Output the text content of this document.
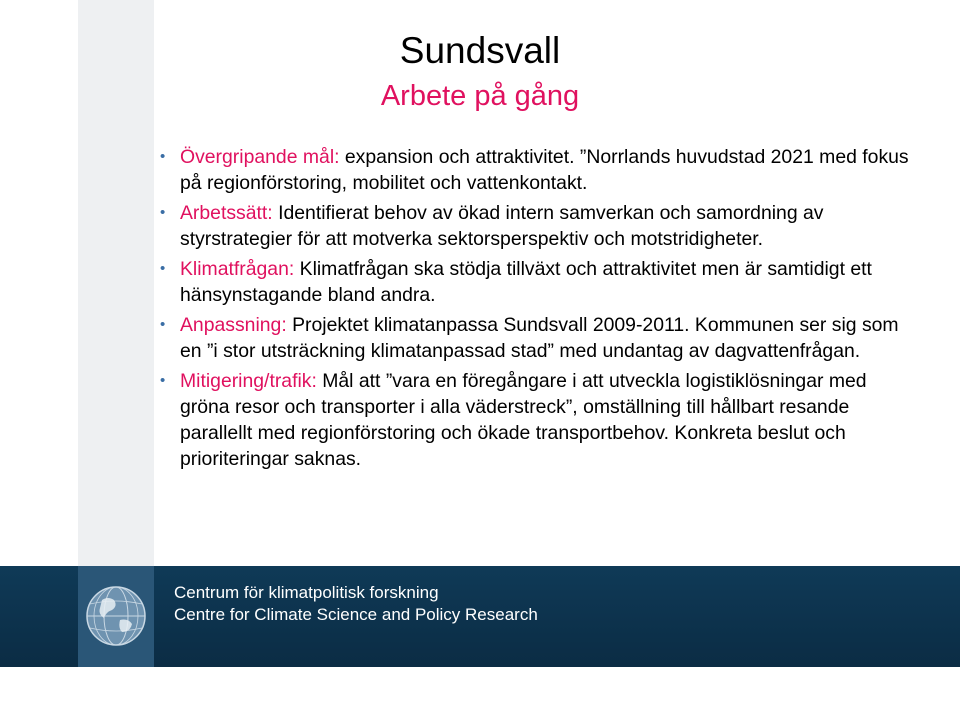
Sundsvall
Arbete på gång
• Övergripande mål: expansion och attraktivitet. ”Norrlands huvudstad 2021 med fokus på regionförstoring, mobilitet och vattenkontakt.
• Arbetssätt: Identifierat behov av ökad intern samverkan och samordning av styrstrategier för att motverka sektorsperspektiv och motstridigheter.
• Klimatfrågan: Klimatfrågan ska stödja tillväxt och attraktivitet men är samtidigt ett hänsynstagande bland andra.
• Anpassning: Projektet klimatanpassa Sundsvall 2009-2011. Kommunen ser sig som en ”i stor utsträckning klimatanpassad stad” med undantag av dagvattenfrågan.
• Mitigering/trafik: Mål att ”vara en föregångare i att utveckla logistiklösningar med gröna resor och transporter i alla väderstreck”, omställning till hållbart resande parallellt med regionförstoring och ökade transportbehov. Konkreta beslut och prioriteringar saknas.
Centrum för klimatpolitisk forskning
Centre for Climate Science and Policy Research
